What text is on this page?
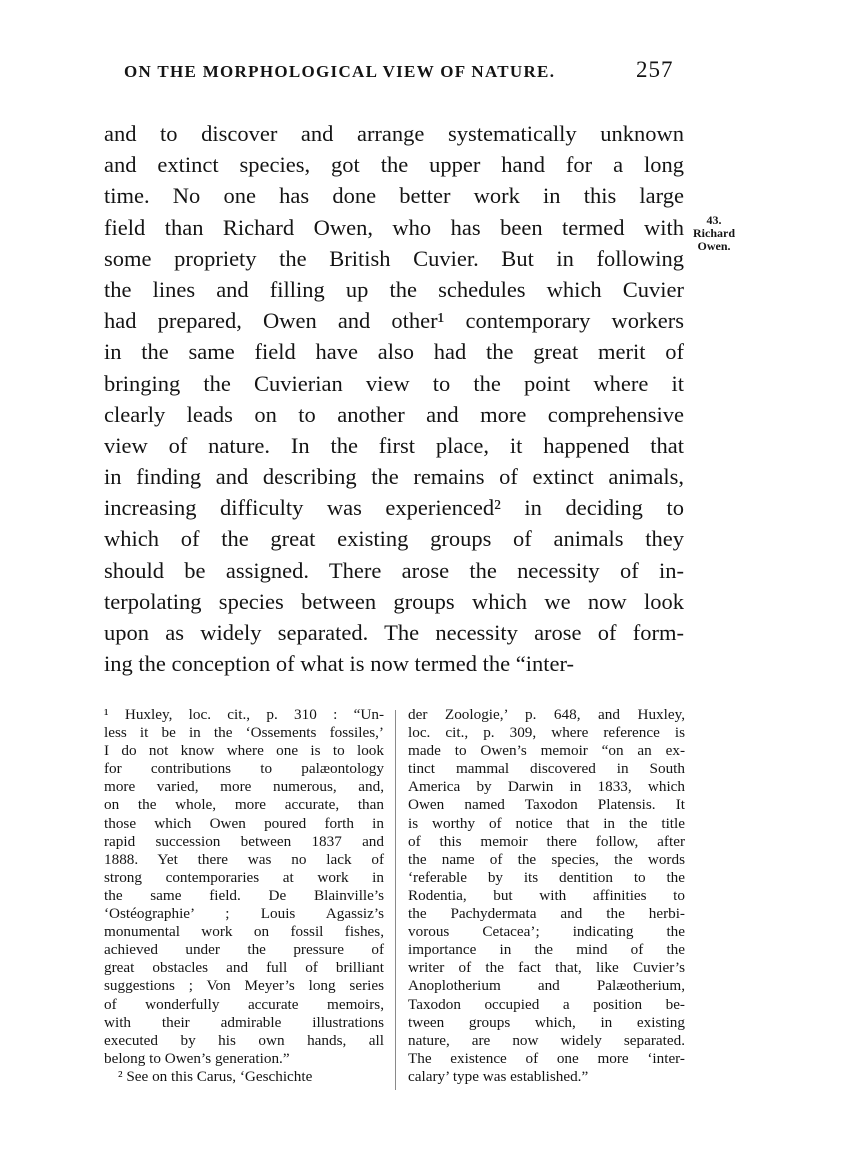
ON THE MORPHOLOGICAL VIEW OF NATURE.	257
and to discover and arrange systematically unknown
and extinct species, got the upper hand for a long
time. No one has done better work in this large
field than Richard Owen, who has been termed with
some propriety the British Cuvier. But in following
the lines and filling up the schedules which Cuvier
had prepared, Owen and other¹ contemporary workers
in the same field have also had the great merit of
bringing the Cuvierian view to the point where it
clearly leads on to another and more comprehensive
view of nature. In the first place, it happened that
in finding and describing the remains of extinct animals,
increasing difficulty was experienced² in deciding to
which of the great existing groups of animals they
should be assigned. There arose the necessity of in-
terpolating species between groups which we now look
upon as widely separated. The necessity arose of form-
ing the conception of what is now termed the “inter-
43.
Richard
Owen.
¹ Huxley, loc. cit., p. 310 : “Un-
less it be in the ‘Ossements fossiles,’
I do not know where one is to look
for contributions to palæontology
more varied, more numerous, and,
on the whole, more accurate, than
those which Owen poured forth in
rapid succession between 1837 and
1888. Yet there was no lack of
strong contemporaries at work in
the same field. De Blainville’s
‘Ostéographie’ ; Louis Agassiz’s
monumental work on fossil fishes,
achieved under the pressure of
great obstacles and full of brilliant
suggestions ; Von Meyer’s long series
of wonderfully accurate memoirs,
with their admirable illustrations
executed by his own hands, all
belong to Owen’s generation.”
² See on this Carus, ‘Geschichte
der Zoologie,’ p. 648, and Huxley,
loc. cit., p. 309, where reference is
made to Owen’s memoir “on an ex-
tinct mammal discovered in South
America by Darwin in 1833, which
Owen named Taxodon Platensis. It
is worthy of notice that in the title
of this memoir there follow, after
the name of the species, the words
‘referable by its dentition to the
Rodentia, but with affinities to
the Pachydermata and the herbi-
vorous Cetacea’; indicating the
importance in the mind of the
writer of the fact that, like Cuvier’s
Anoplotherium and Palæotherium,
Taxodon occupied a position be-
tween groups which, in existing
nature, are now widely separated.
The existence of one more ‘inter-
calary’ type was established.”
